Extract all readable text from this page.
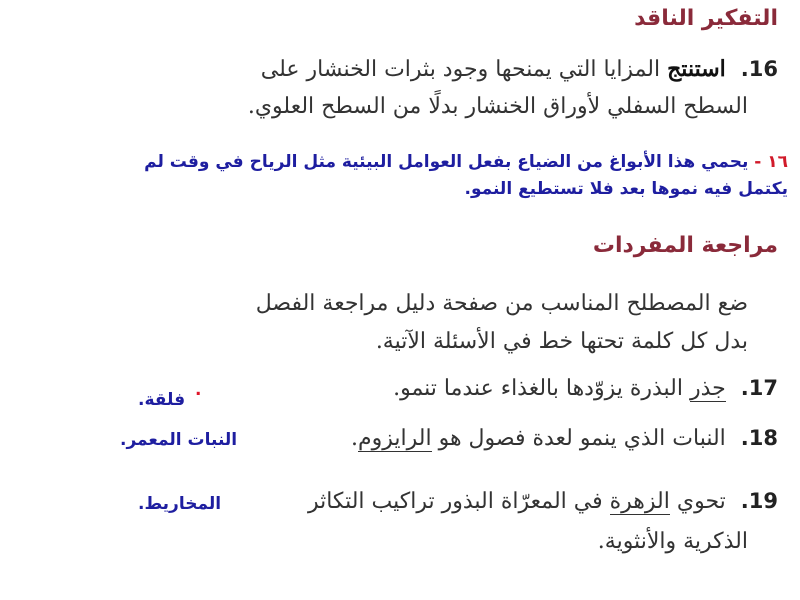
التفكير الناقد
16. استنتج المزايا التي يمنحها وجود بثرات الخنشار على
السطح السفلي لأوراق الخنشار بدلًا من السطح العلوي.
١٦ - يحمي هذا الأبواغ من الضياع بفعل العوامل البيئية مثل الرياح في وقت لم
يكتمل فيه نموها بعد فلا تستطيع النمو.
مراجعة المفردات
ضع المصطلح المناسب من صفحة دليل مراجعة الفصل
بدل كل كلمة تحتها خط في الأسئلة الآتية.
17. جذر البذرة يزوّدها بالغذاء عندما تنمو.
. فلقة.
18. النبات الذي ينمو لعدة فصول هو الرايزوم.
النبات المعمر.
19. تحوي الزهرة في المعرّاة البذور تراكيب التكاثر
الذكرية والأنثوية.
المخاريط.
